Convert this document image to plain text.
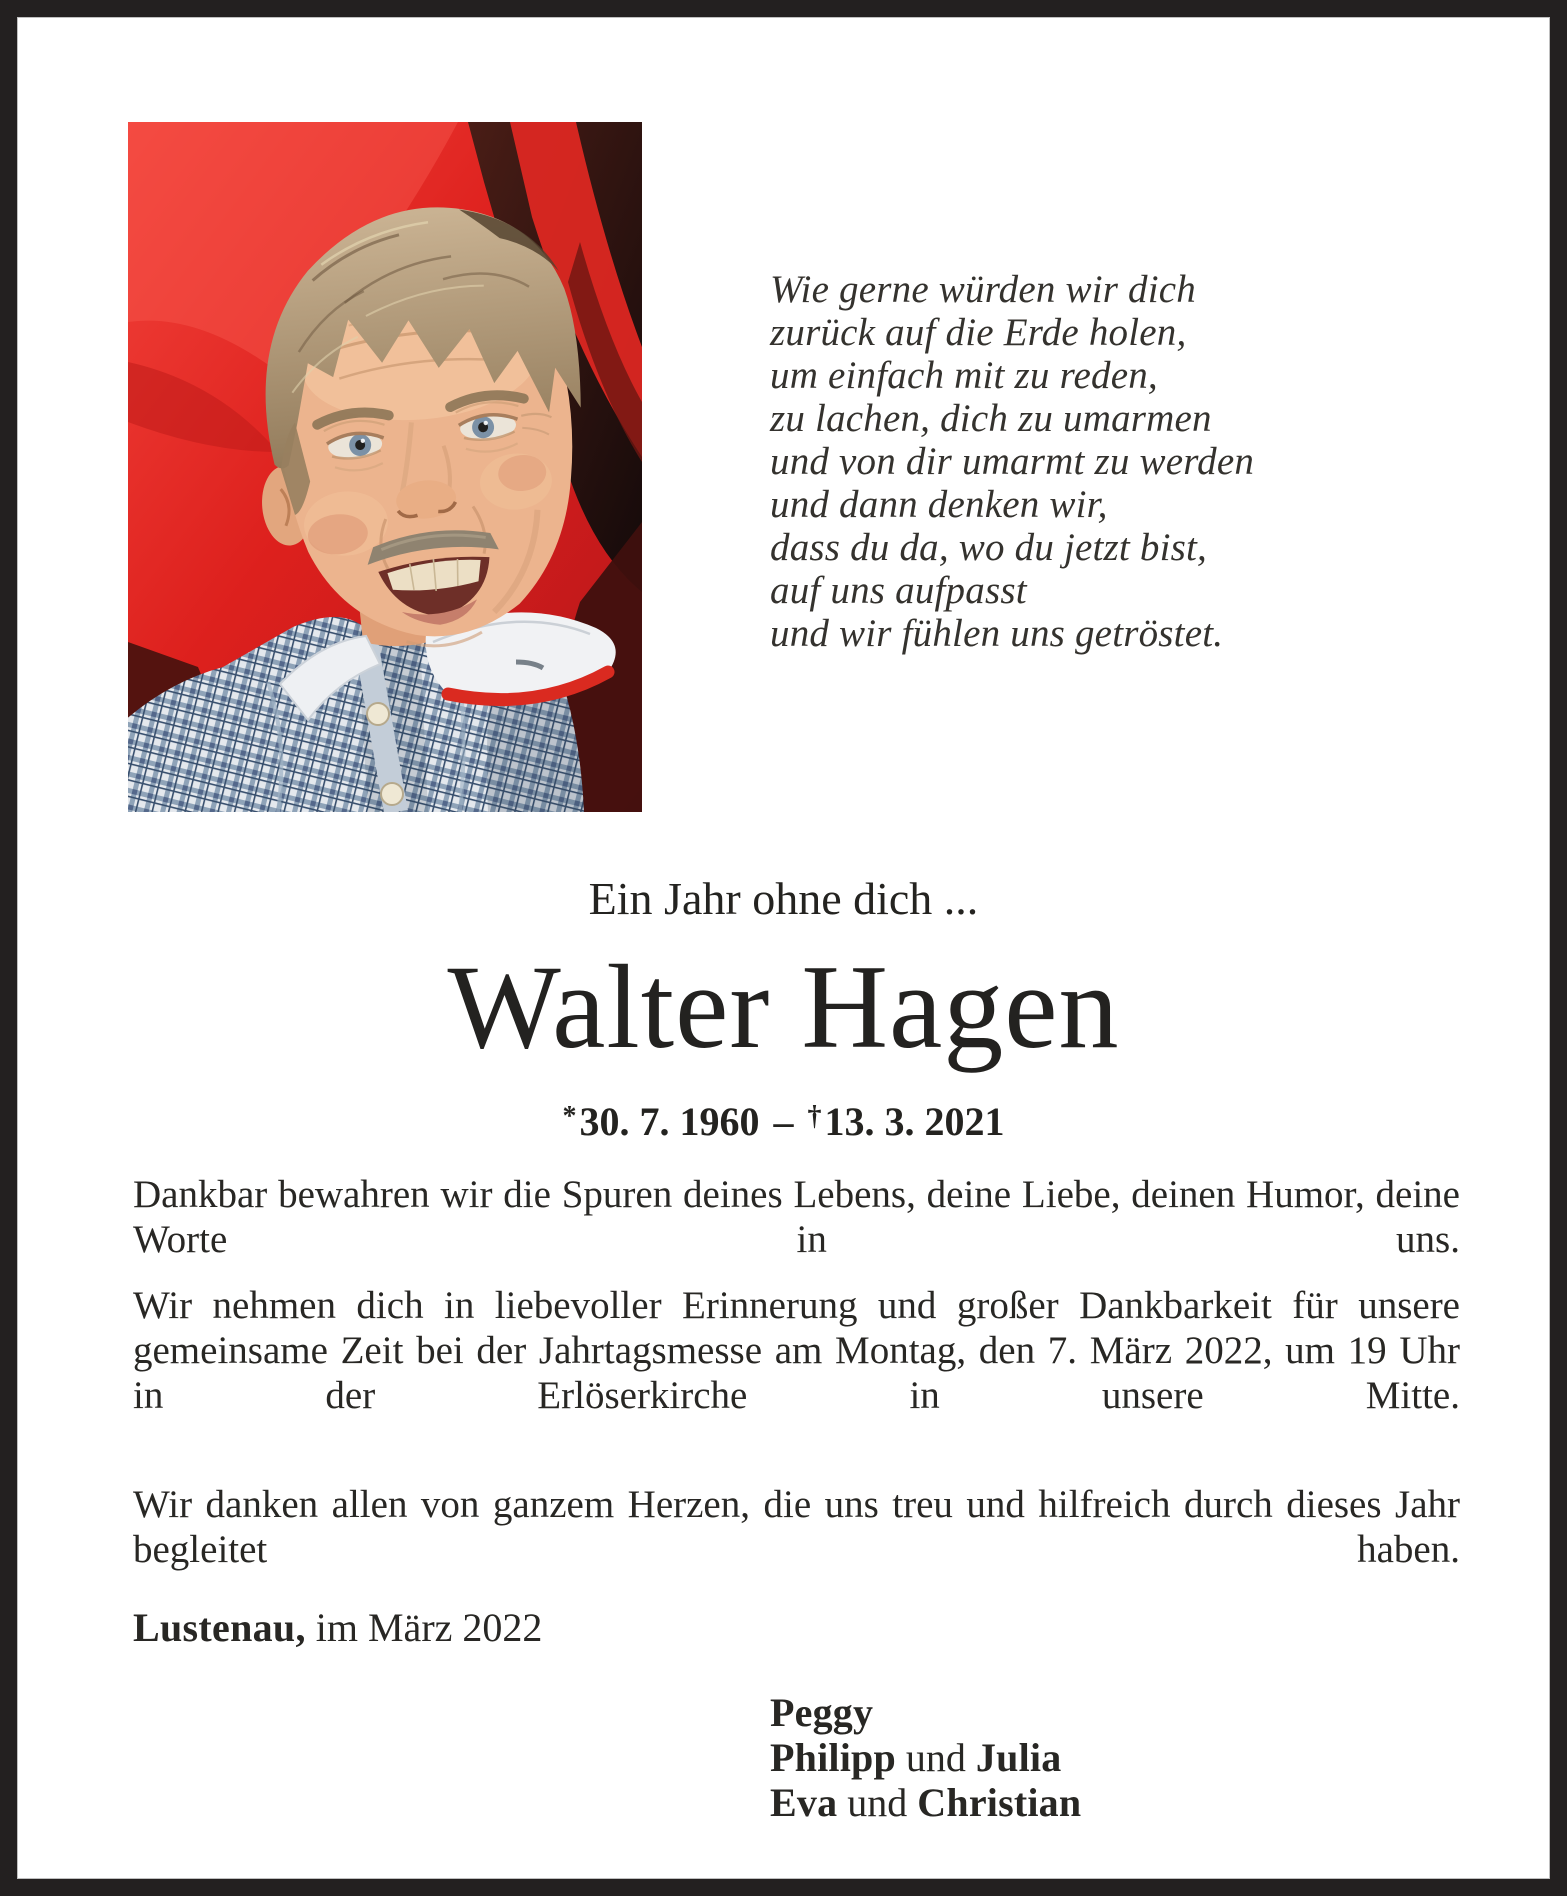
Wie gerne würden wir dich
zurück auf die Erde holen,
um einfach mit zu reden,
zu lachen, dich zu umarmen
und von dir umarmt zu werden
und dann denken wir,
dass du da, wo du jetzt bist,
auf uns aufpasst
und wir fühlen uns getröstet.
Ein Jahr ohne dich ...
Walter Hagen
*30. 7. 1960 – †13. 3. 2021

Dankbar bewahren wir die Spuren deines Lebens, deine Liebe, deinen Humor, deine Worte in uns.

Wir nehmen dich in liebevoller Erinnerung und großer Dankbarkeit für unsere gemeinsame Zeit bei der Jahrtagsmesse am Montag, den 7. März 2022, um 19 Uhr in der Erlöserkirche in unsere Mitte.

Wir danken allen von ganzem Herzen, die uns treu und hilfreich durch dieses Jahr begleitet haben.

Lustenau, im März 2022
Peggy
Philipp und Julia
Eva und Christian
